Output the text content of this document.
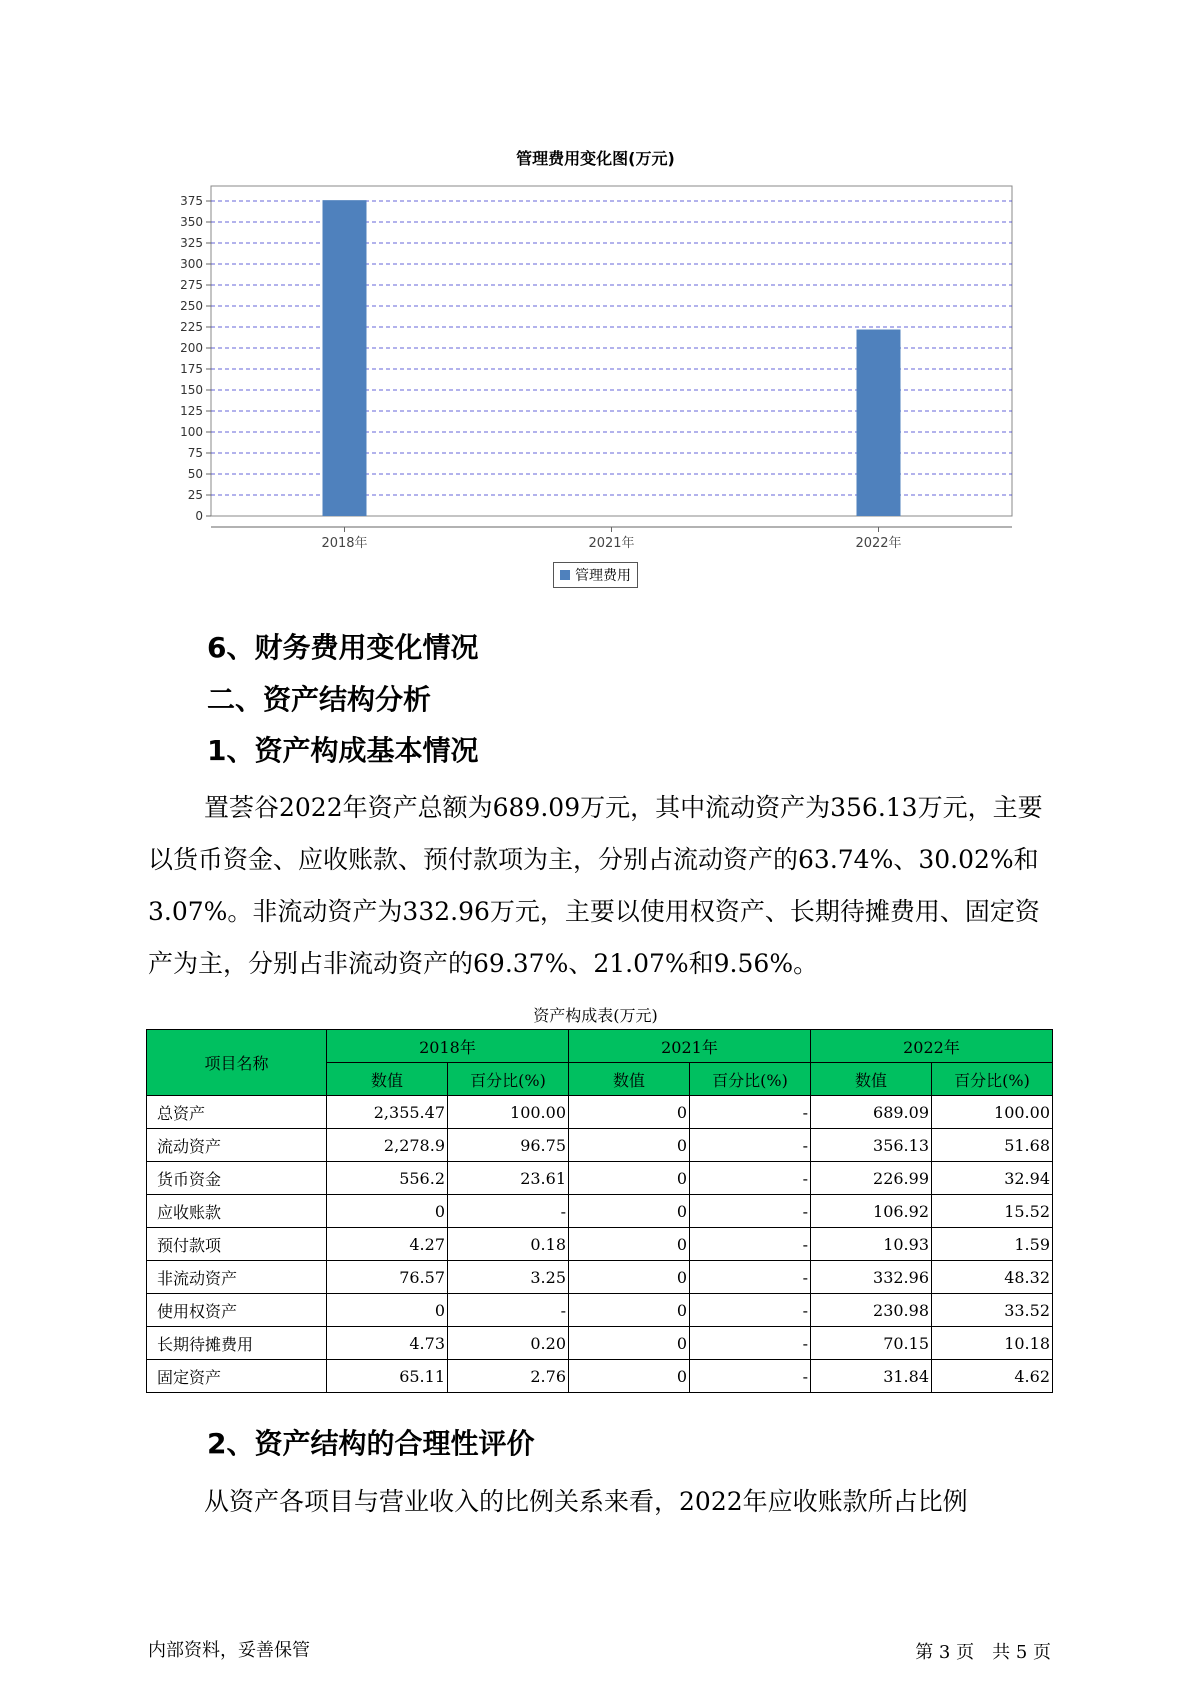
管理费用变化图(万元)
0
25
50
75
100
125
150
175
200
225
250
275
300
325
350
375
2018年	2021年	2022年
管理费用
6、财务费用变化情况
二、资产结构分析
1、资产构成基本情况
置荟谷2022年资产总额为689.09万元，其中流动资产为356.13万元，主要以货币资金、应收账款、预付款项为主，分别占流动资产的63.74%、30.02%和3.07%。非流动资产为332.96万元，主要以使用权资产、长期待摊费用、固定资产为主，分别占非流动资产的69.37%、21.07%和9.56%。
资产构成表(万元)
项目名称	2018年		2021年		2022年	
	数值	百分比(%)	数值	百分比(%)	数值	百分比(%)
总资产	2,355.47	100.00	0	-	689.09	100.00
流动资产	2,278.9	96.75	0	-	356.13	51.68
货币资金	556.2	23.61	0	-	226.99	32.94
应收账款	0	-	0	-	106.92	15.52
预付款项	4.27	0.18	0	-	10.93	1.59
非流动资产	76.57	3.25	0	-	332.96	48.32
使用权资产	0	-	0	-	230.98	33.52
长期待摊费用	4.73	0.20	0	-	70.15	10.18
固定资产	65.11	2.76	0	-	31.84	4.62
2、资产结构的合理性评价
从资产各项目与营业收入的比例关系来看，2022年应收账款所占比例
内部资料，妥善保管	第 3 页　共 5 页
